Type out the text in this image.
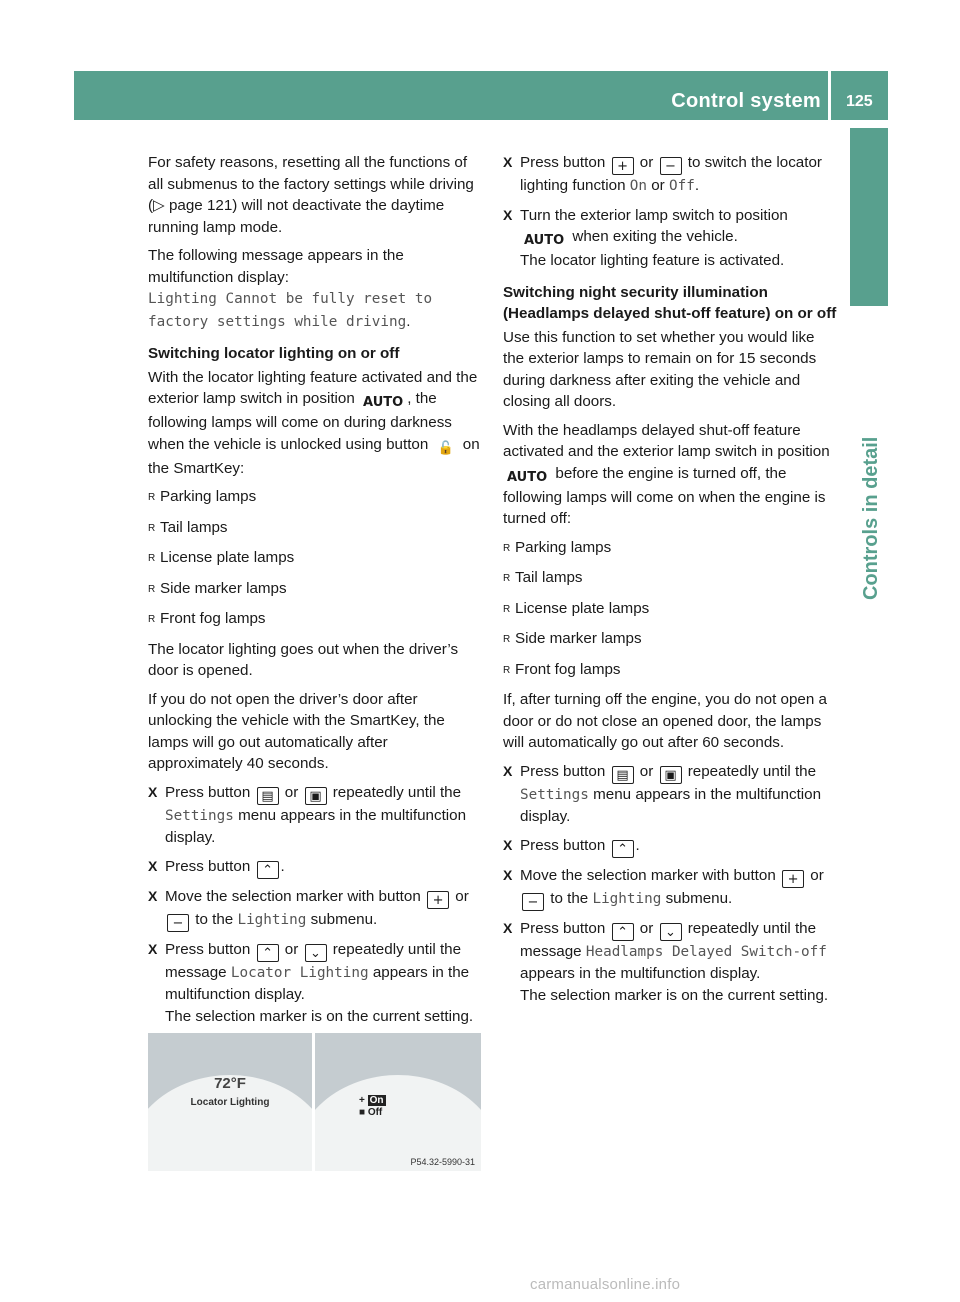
Control system 125
Controls in detail

For safety reasons, resetting all the functions of all submenus to the factory settings while driving (▷ page 121) will not deactivate the daytime running lamp mode.

The following message appears in the multifunction display:
Lighting Cannot be fully reset to factory settings while driving.

Switching locator lighting on or off

With the locator lighting feature activated and the exterior lamp switch in position AUTO , the following lamps will come on during darkness when the vehicle is unlocked using button 🔓 on the SmartKey:

R Parking lamps
R Tail lamps
R License plate lamps
R Side marker lamps
R Front fog lamps

The locator lighting goes out when the driver’s door is opened.

If you do not open the driver’s door after unlocking the vehicle with the SmartKey, the lamps will go out automatically after approximately 40 seconds.

X Press button ▤ or ▣ repeatedly until the Settings menu appears in the multifunction display.
X Press button ⌃ .
X Move the selection marker with button + or − to the Lighting submenu.
X Press button ⌃ or ⌄ repeatedly until the message Locator Lighting appears in the multifunction display.
The selection marker is on the current setting.
X Press button + or − to switch the locator lighting function On or Off.
X Turn the exterior lamp switch to position AUTO when exiting the vehicle.
The locator lighting feature is activated.

Switching night security illumination (Headlamps delayed shut-off feature) on or off

Use this function to set whether you would like the exterior lamps to remain on for 15 seconds during darkness after exiting the vehicle and closing all doors.

With the headlamps delayed shut-off feature activated and the exterior lamp switch in position AUTO before the engine is turned off, the following lamps will come on when the engine is turned off:

R Parking lamps
R Tail lamps
R License plate lamps
R Side marker lamps
R Front fog lamps

If, after turning off the engine, you do not open a door or do not close an opened door, the lamps will automatically go out after 60 seconds.

X Press button ▤ or ▣ repeatedly until the Settings menu appears in the multifunction display.
X Press button ⌃ .
X Move the selection marker with button + or − to the Lighting submenu.
X Press button ⌃ or ⌄ repeatedly until the message Headlamps Delayed Switch-off appears in the multifunction display.
The selection marker is on the current setting.
72°F
Locator Lighting	+ On
■ Off
P54.32-5990-31
carmanualsonline.info
